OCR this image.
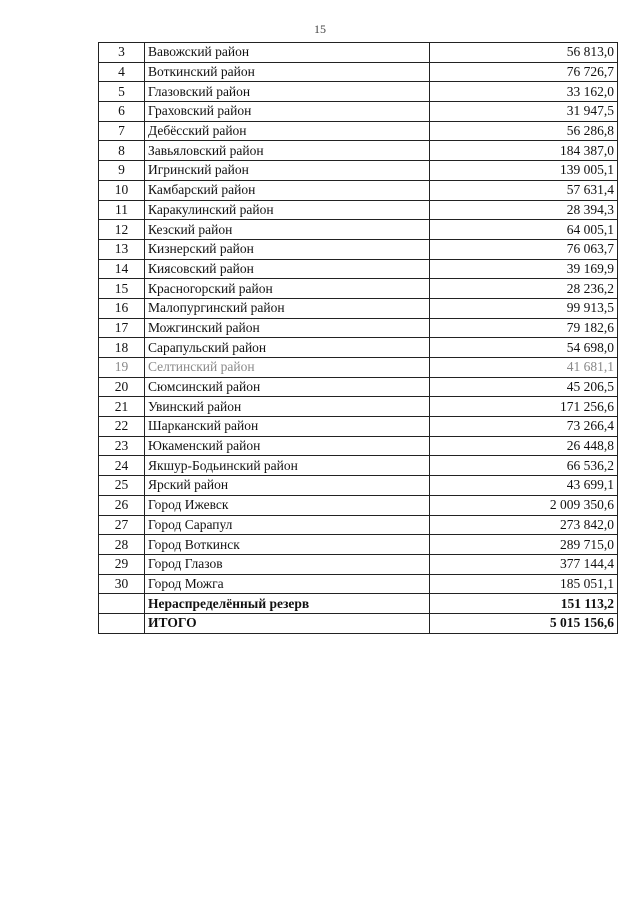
15
3	Вавожский район	56 813,0
4	Воткинский район	76 726,7
5	Глазовский район	33 162,0
6	Граховский район	31 947,5
7	Дебёсский район	56 286,8
8	Завьяловский район	184 387,0
9	Игринский район	139 005,1
10	Камбарский район	57 631,4
11	Каракулинский район	28 394,3
12	Кезский район	64 005,1
13	Кизнерский район	76 063,7
14	Киясовский район	39 169,9
15	Красногорский район	28 236,2
16	Малопургинский район	99 913,5
17	Можгинский район	79 182,6
18	Сарапульский район	54 698,0
19	Селтинский район	41 681,1
20	Сюмсинский район	45 206,5
21	Увинский район	171 256,6
22	Шарканский район	73 266,4
23	Юкаменский район	26 448,8
24	Якшур-Бодьинский район	66 536,2
25	Ярский район	43 699,1
26	Город Ижевск	2 009 350,6
27	Город Сарапул	273 842,0
28	Город Воткинск	289 715,0
29	Город Глазов	377 144,4
30	Город Можга	185 051,1
	Нераспределённый резерв	151 113,2
	ИТОГО	5 015 156,6
